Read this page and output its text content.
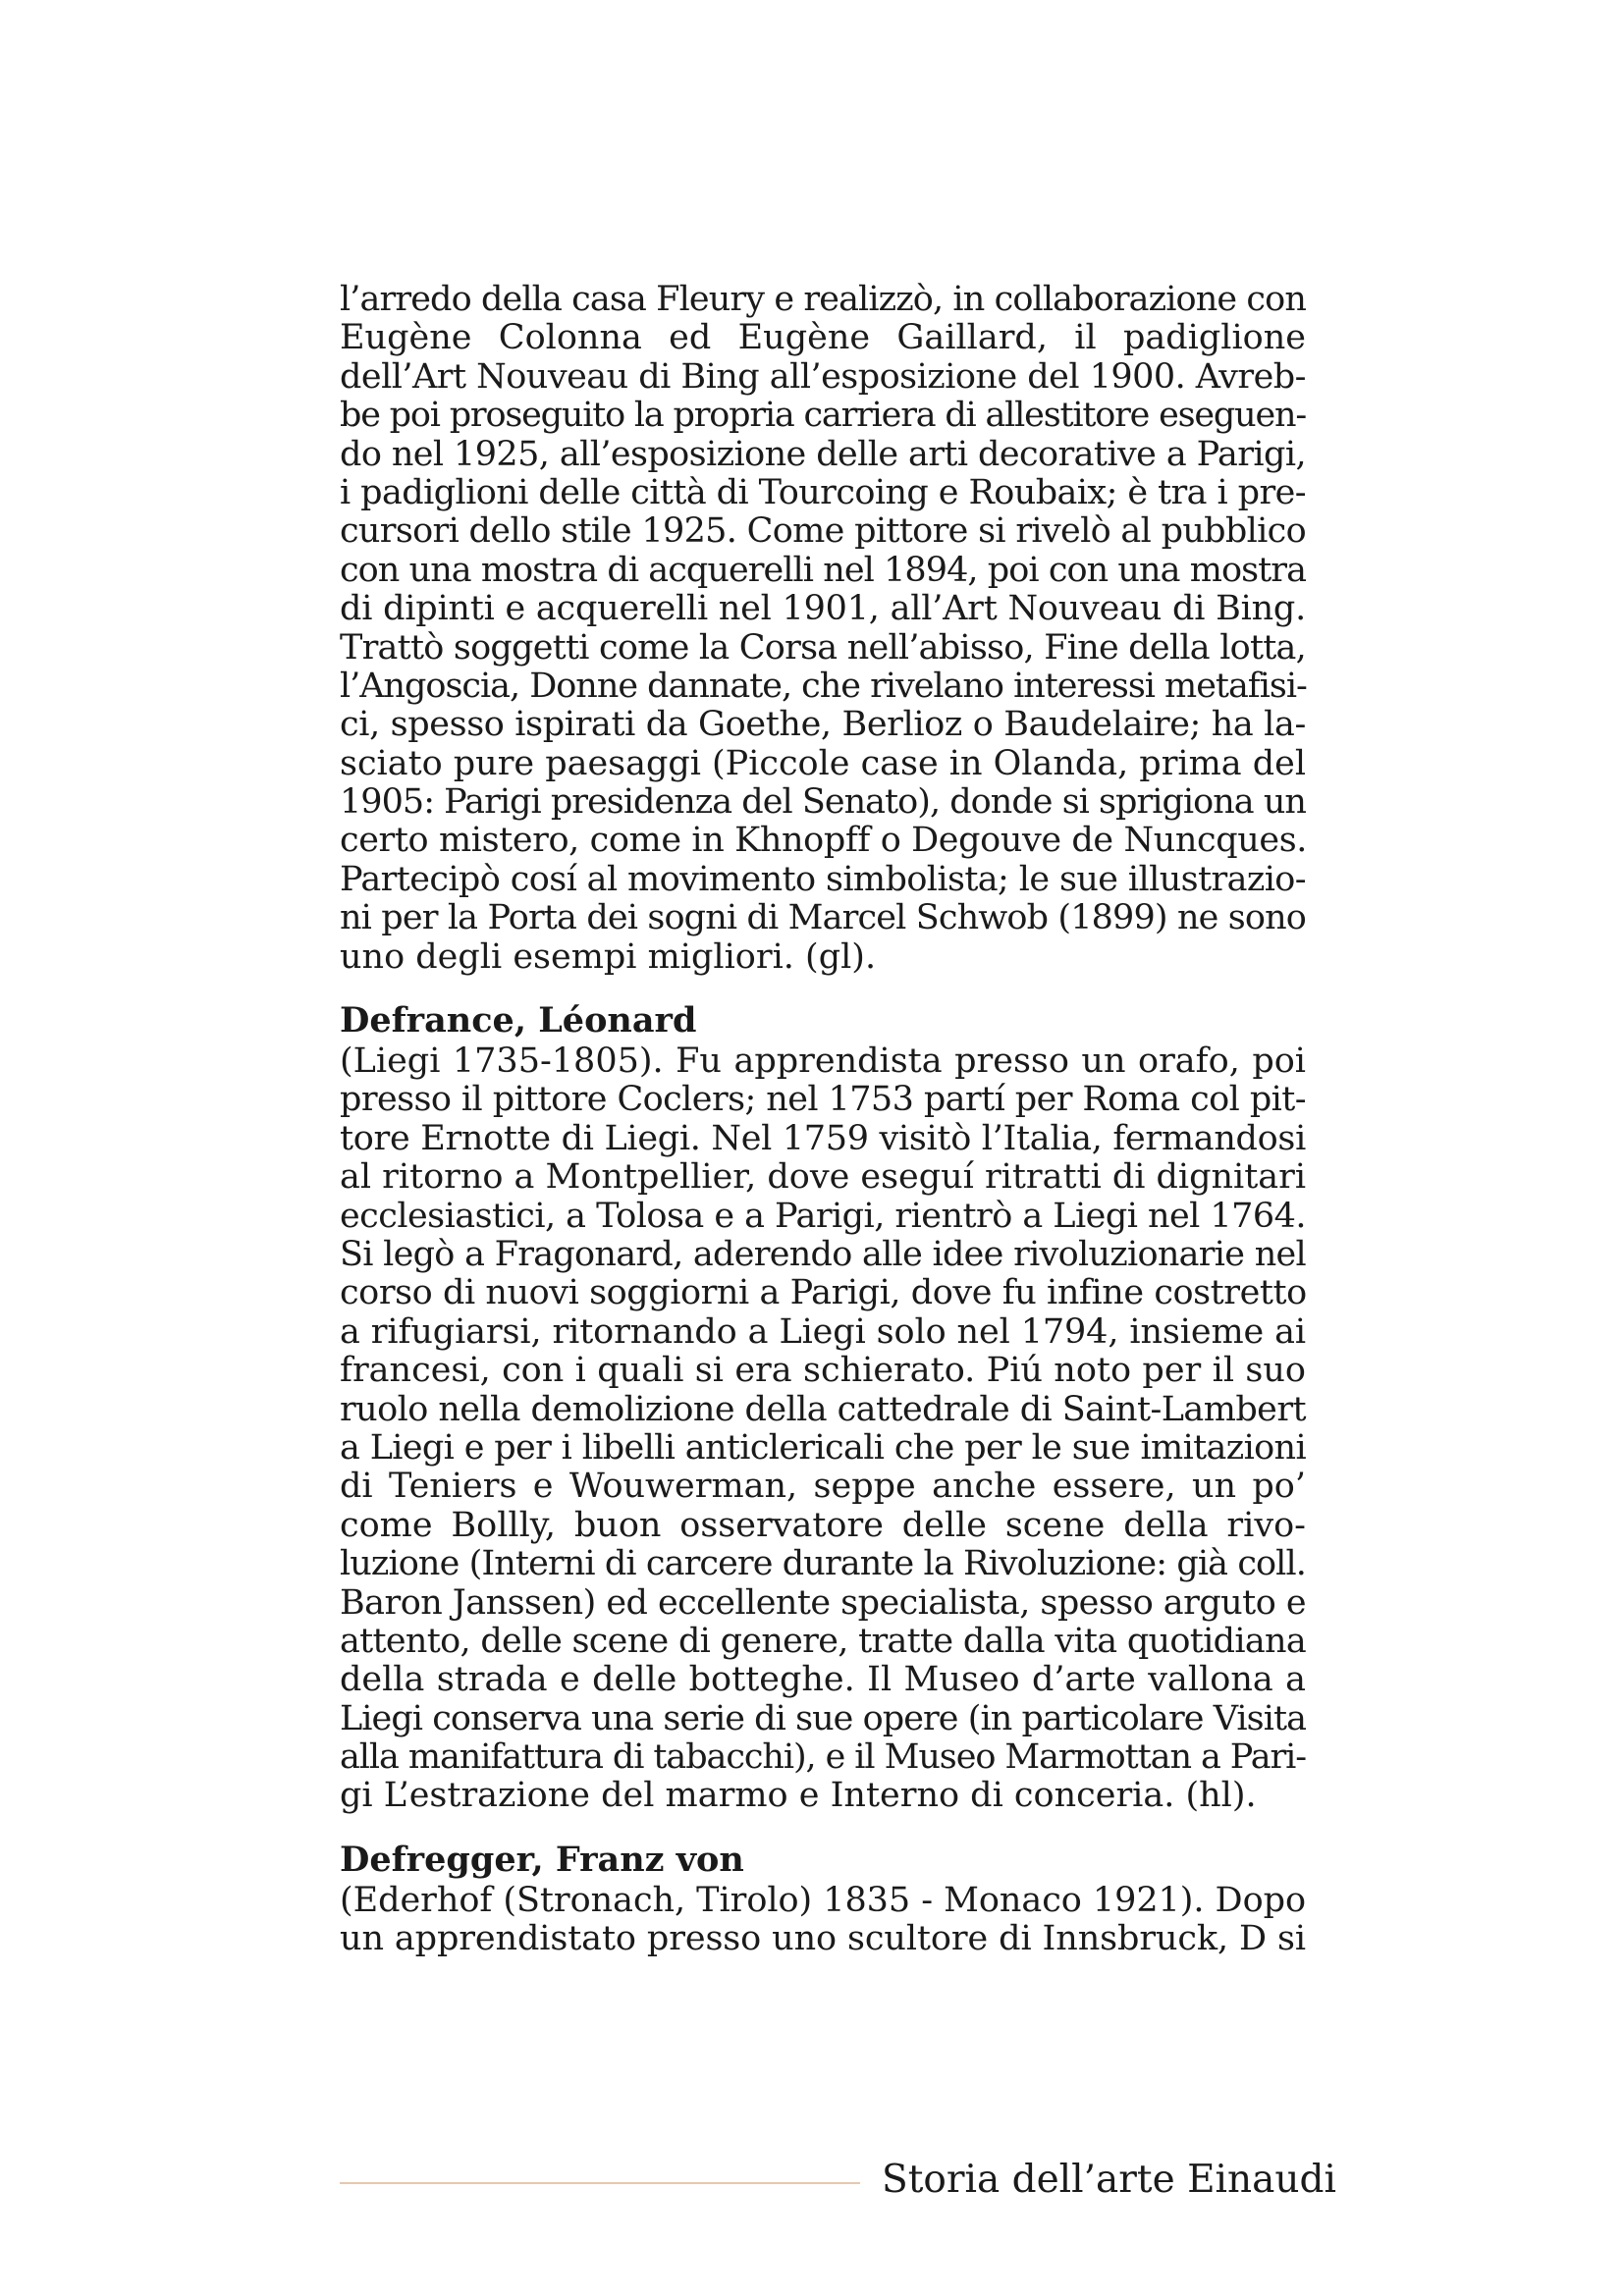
l’arredo della casa Fleury e realizzò, in collaborazione con
Eugène Colonna ed Eugène Gaillard, il padiglione
dell’Art Nouveau di Bing all’esposizione del 1900. Avreb-
be poi proseguito la propria carriera di allestitore eseguen-
do nel 1925, all’esposizione delle arti decorative a Parigi,
i padiglioni delle città di Tourcoing e Roubaix; è tra i pre-
cursori dello stile 1925. Come pittore si rivelò al pubblico
con una mostra di acquerelli nel 1894, poi con una mostra
di dipinti e acquerelli nel 1901, all’Art Nouveau di Bing.
Trattò soggetti come la Corsa nell’abisso, Fine della lotta,
l’Angoscia, Donne dannate, che rivelano interessi metafisi-
ci, spesso ispirati da Goethe, Berlioz o Baudelaire; ha la-
sciato pure paesaggi (Piccole case in Olanda, prima del
1905: Parigi presidenza del Senato), donde si sprigiona un
certo mistero, come in Khnopff o Degouve de Nuncques.
Partecipò cosí al movimento simbolista; le sue illustrazio-
ni per la Porta dei sogni di Marcel Schwob (1899) ne sono
uno degli esempi migliori. (gl).
Defrance, Léonard
(Liegi 1735-1805). Fu apprendista presso un orafo, poi
presso il pittore Coclers; nel 1753 partí per Roma col pit-
tore Ernotte di Liegi. Nel 1759 visitò l’Italia, fermandosi
al ritorno a Montpellier, dove eseguí ritratti di dignitari
ecclesiastici, a Tolosa e a Parigi, rientrò a Liegi nel 1764.
Si legò a Fragonard, aderendo alle idee rivoluzionarie nel
corso di nuovi soggiorni a Parigi, dove fu infine costretto
a rifugiarsi, ritornando a Liegi solo nel 1794, insieme ai
francesi, con i quali si era schierato. Piú noto per il suo
ruolo nella demolizione della cattedrale di Saint-Lambert
a Liegi e per i libelli anticlericali che per le sue imitazioni
di Teniers e Wouwerman, seppe anche essere, un po’
come Bollly, buon osservatore delle scene della rivo-
luzione (Interni di carcere durante la Rivoluzione: già coll.
Baron Janssen) ed eccellente specialista, spesso arguto e
attento, delle scene di genere, tratte dalla vita quotidiana
della strada e delle botteghe. Il Museo d’arte vallona a
Liegi conserva una serie di sue opere (in particolare Visita
alla manifattura di tabacchi), e il Museo Marmottan a Pari-
gi L’estrazione del marmo e Interno di conceria. (hl).
Defregger, Franz von
(Ederhof (Stronach, Tirolo) 1835 - Monaco 1921). Dopo
un apprendistato presso uno scultore di Innsbruck, D si
Storia dell’arte Einaudi
